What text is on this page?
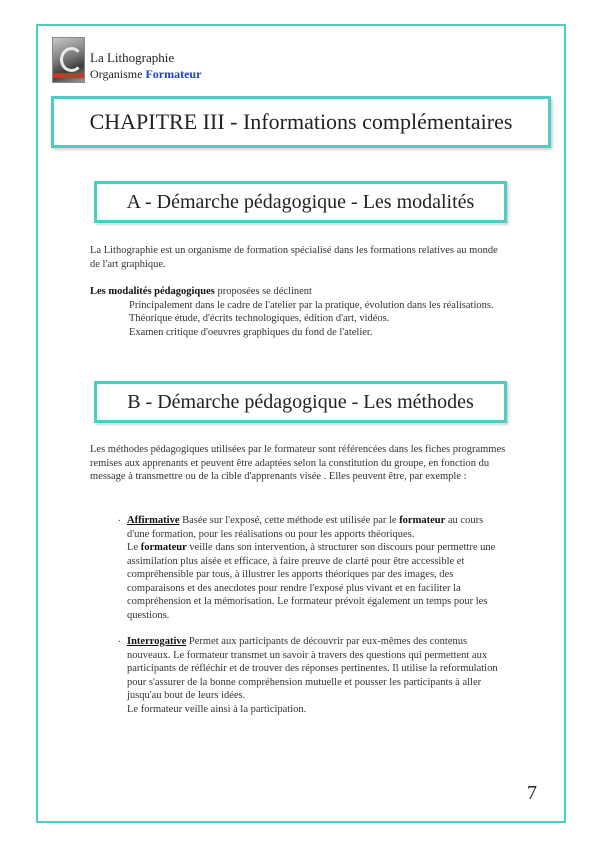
La Lithographie
Organisme Formateur
CHAPITRE III - Informations complémentaires
A - Démarche pédagogique - Les modalités

La Lithographie est un organisme de formation spécialisé dans les formations relatives au monde de l'art graphique.

Les modalités pédagogiques proposées se déclinent
Principalement dans le cadre de l'atelier par la pratique, évolution dans les réalisations.
Théorique étude, d'écrits technologiques, édition d'art, vidéos.
Examen critique d'oeuvres graphiques du fond de l'atelier.
B - Démarche pédagogique - Les méthodes

Les méthodes pédagogiques utilisées par le formateur sont référencées dans les fiches programmes remises aux apprenants et peuvent être adaptées selon la constitution du groupe, en fonction du message à transmettre ou de la cible d'apprenants visée . Elles peuvent être, par exemple :

. Affirmative Basée sur l'exposé, cette méthode est utilisée par le formateur au cours d'une formation, pour les réalisations ou pour les apports théoriques.
Le formateur veille dans son intervention, à structurer son discours pour permettre une assimilation plus aisée et efficace, à faire preuve de clarté pour être accessible et compréhensible par tous, à illustrer les apports théoriques par des images, des comparaisons et des anecdotes pour rendre l'exposé plus vivant et en faciliter la compréhension et la mémorisation. Le formateur prévoit également un temps pour les questions.
. Interrogative Permet aux participants de découvrir par eux-mêmes des contenus nouveaux. Le formateur transmet un savoir à travers des questions qui permettent aux participants de réfléchir et de trouver des réponses pertinentes. Il utilise la reformulation pour s'assurer de la bonne compréhension mutuelle et pousser les participants à aller jusqu'au bout de leurs idées.
Le formateur veille ainsi à la participation.
7
